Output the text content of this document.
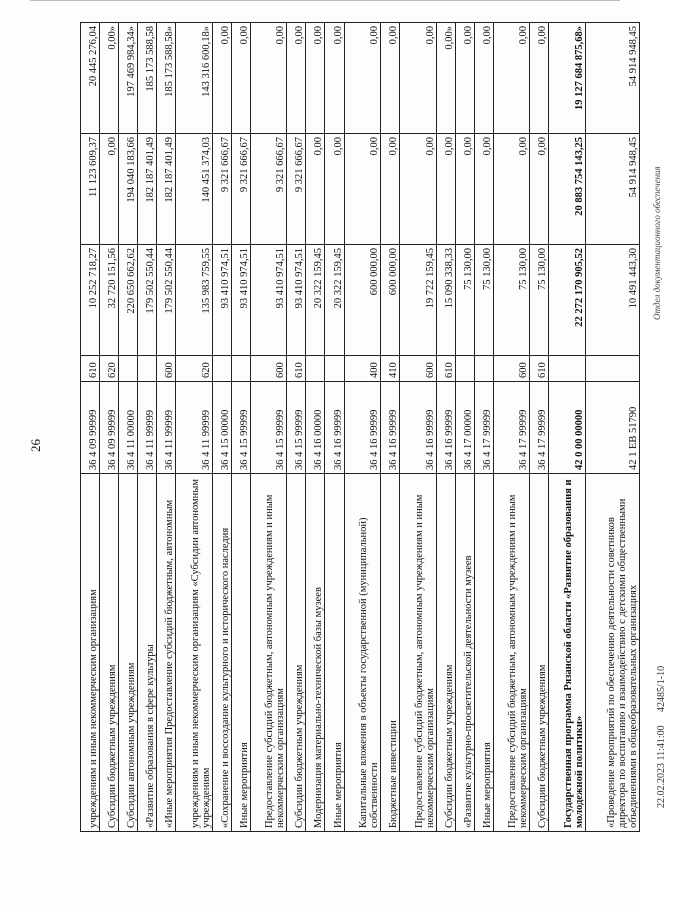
26
учреждениям и иным некоммерческим организациям	36 4 09 99999	610	10 252 718,27	11 123 609,37	20 445 276,04
Субсидии бюджетным учреждениям	36 4 09 99999	620	32 720 151,56	0,00	0,00»
Субсидии автономным учреждениям	36 4 11 00000		220 650 662,62	194 040 183,66	197 469 984,34»
«Развитие образования в сфере культуры	36 4 11 99999		179 502 550,44	182 187 401,49	185 173 588,58
«Иные мероприятия Предоставление субсидий бюджетным, автономным	36 4 11 99999	600	179 502 550,44	182 187 401,49	185 173 588,58»
учреждениям и иным некоммерческим организациям «Субсидии автономным учреждениям	36 4 11 99999	620	135 983 759,55	140 451 374,03	143 316 600,18»
«Сохранение и воссоздание культурного и исторического наследия	36 4 15 00000		93 410 974,51	9 321 666,67	0,00
Иные мероприятия	36 4 15 99999		93 410 974,51	9 321 666,67	0,00
Предоставление субсидий бюджетным, автономным учреждениям и иным некоммерческим организациям	36 4 15 99999	600	93 410 974,51	9 321 666,67	0,00
Субсидии бюджетным учреждениям	36 4 15 99999	610	93 410 974,51	9 321 666,67	0,00
Модернизация материально-технической базы музеев	36 4 16 00000		20 322 159,45	0,00	0,00
Иные мероприятия	36 4 16 99999		20 322 159,45	0,00	0,00
Капитальные вложения в объекты государственной (муниципальной) собственности	36 4 16 99999	400	600 000,00	0,00	0,00
Бюджетные инвестиции	36 4 16 99999	410	600 000,00	0,00	0,00
Предоставление субсидий бюджетным, автономным учреждениям и иным некоммерческим организациям	36 4 16 99999	600	19 722 159,45	0,00	0,00
Субсидии бюджетным учреждениям	36 4 16 99999	610	15 090 338,33	0,00	0,00»
«Развитие культурно-просветительской деятельности музеев	36 4 17 00000		75 130,00	0,00	0,00
Иные мероприятия	36 4 17 99999		75 130,00	0,00	0,00
Предоставление субсидий бюджетным, автономным учреждениям и иным некоммерческим организациям	36 4 17 99999	600	75 130,00	0,00	0,00
Субсидии бюджетным учреждениям	36 4 17 99999	610	75 130,00	0,00	0,00
Государственная программа Рязанской области «Развитие образования и молодежной политики»	42 0 00 00000		22 272 170 905,52	20 883 754 143,25	19 127 684 875,68»
«Проведение мероприятий по обеспечению деятельности советников директора по воспитанию и взаимодействию с детскими общественными объединениями в общеобразовательных организациях	42 1 ЕВ 51790		10 491 443,30	54 914 948,45	54 914 948,45
22.02.2023 11:41:00
42485/1-10
Отдел документационного обеспечения
